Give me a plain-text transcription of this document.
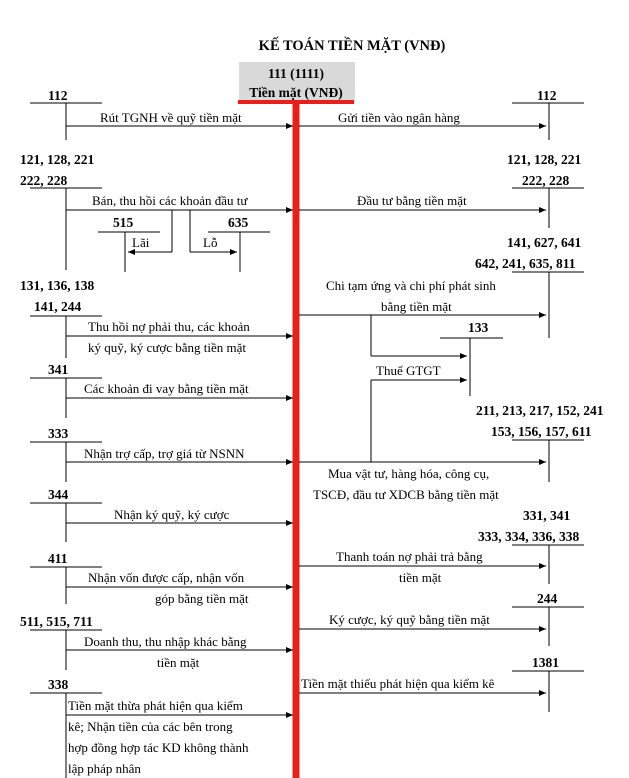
KẾ TOÁN TIỀN MẶT (VNĐ)
111 (1111)
Tiền mặt (VNĐ)
112
Rút TGNH về quỹ tiền mặt
121, 128, 221
222, 228
Bán, thu hồi các khoản đầu tư
515	635
Lãi	Lỗ
131, 136, 138
141, 244
Thu hồi nợ phải thu, các khoản
ký quỹ, ký cược bằng tiền mặt
341
Các khoản đi vay bằng tiền mặt
333
Nhận trợ cấp, trợ giá từ NSNN
344
Nhận ký quỹ, ký cược
411
Nhận vốn được cấp, nhận vốn
góp bằng tiền mặt
511, 515, 711
Doanh thu, thu nhập khác bằng
tiền mặt
338
Tiền mặt thừa phát hiện qua kiểm
kê; Nhận tiền của các bên trong
hợp đồng hợp tác KD không thành
lập pháp nhân
112
Gửi tiền vào ngân hàng
121, 128, 221
222, 228
Đầu tư bằng tiền mặt
141, 627, 641
642, 241, 635, 811
Chi tạm ứng và chi phí phát sinh
bằng tiền mặt
133
Thuế GTGT
211, 213, 217, 152, 241
153, 156, 157, 611
Mua vật tư, hàng hóa, công cụ,
TSCĐ, đầu tư XDCB bằng tiền mặt
331, 341
333, 334, 336, 338
Thanh toán nợ phải trả bằng
tiền mặt
244
Ký cược, ký quỹ bằng tiền mặt
1381
Tiền mặt thiếu phát hiện qua kiểm kê
